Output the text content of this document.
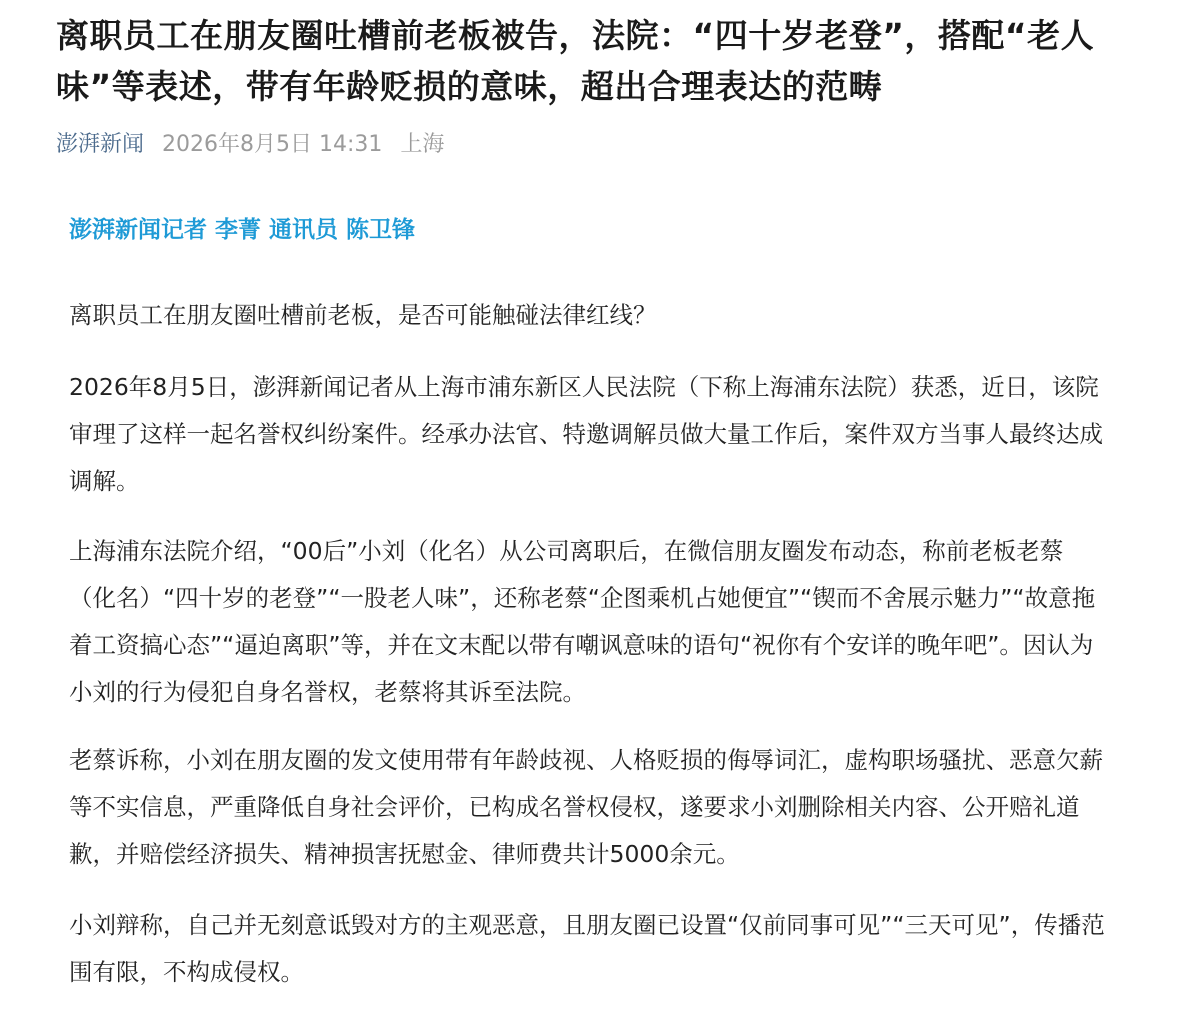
离职员工在朋友圈吐槽前老板被告，法院：“四十岁老登”，搭配“老人味”等表述，带有年龄贬损的意味，超出合理表达的范畴
澎湃新闻 2026年8月5日 14:31 上海
澎湃新闻记者 李菁 通讯员 陈卫锋

离职员工在朋友圈吐槽前老板，是否可能触碰法律红线？

2026年8月5日，澎湃新闻记者从上海市浦东新区人民法院（下称上海浦东法院）获悉，近日，该院审理了这样一起名誉权纠纷案件。经承办法官、特邀调解员做大量工作后，案件双方当事人最终达成调解。

上海浦东法院介绍，“00后”小刘（化名）从公司离职后，在微信朋友圈发布动态，称前老板老蔡（化名）“四十岁的老登”“一股老人味”，还称老蔡“企图乘机占她便宜”“锲而不舍展示魅力”“故意拖着工资搞心态”“逼迫离职”等，并在文末配以带有嘲讽意味的语句“祝你有个安详的晚年吧”。因认为小刘的行为侵犯自身名誉权，老蔡将其诉至法院。

老蔡诉称，小刘在朋友圈的发文使用带有年龄歧视、人格贬损的侮辱词汇，虚构职场骚扰、恶意欠薪等不实信息，严重降低自身社会评价，已构成名誉权侵权，遂要求小刘删除相关内容、公开赔礼道歉，并赔偿经济损失、精神损害抚慰金、律师费共计5000余元。

小刘辩称，自己并无刻意诋毁对方的主观恶意，且朋友圈已设置“仅前同事可见”“三天可见”，传播范围有限，不构成侵权。
